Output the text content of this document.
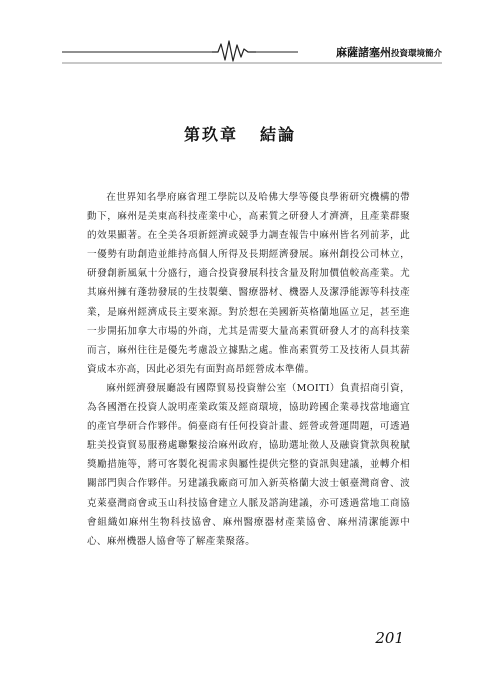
麻薩諸塞州投資環境簡介
第玖章 結論

在世界知名學府麻省理工學院以及哈佛大學等優良學術研究機構的帶動下，麻州是美東高科技產業中心，高素質之研發人才濟濟，且產業群聚的效果顯著。在全美各項新經濟或競爭力調查報告中麻州皆名列前茅，此一優勢有助創造並維持高個人所得及長期經濟發展。麻州創投公司林立，研發創新風氣十分盛行，適合投資發展科技含量及附加價值較高產業。尤其麻州擁有蓬勃發展的生技製藥、醫療器材、機器人及潔淨能源等科技產業，是麻州經濟成長主要來源。對於想在美國新英格蘭地區立足，甚至進一步開拓加拿大市場的外商，尤其是需要大量高素質研發人才的高科技業而言，麻州往往是優先考慮設立據點之處。惟高素質勞工及技術人員其薪資成本亦高，因此必須先有面對高昂經營成本準備。

麻州經濟發展廳設有國際貿易投資辦公室（MOITI）負責招商引資，為各國潛在投資人說明產業政策及經商環境，協助跨國企業尋找當地適宜的產官學研合作夥伴。倘臺商有任何投資計畫、經營或營運問題，可透過駐美投資貿易服務處聯繫接洽麻州政府，協助選址徵人及融資貸款與稅賦獎勵措施等，將可客製化視需求與屬性提供完整的資訊與建議，並轉介相關部門與合作夥伴。另建議我廠商可加入新英格蘭大波士頓臺灣商會、波克萊臺灣商會或玉山科技協會建立人脈及諮詢建議，亦可透過當地工商協會組織如麻州生物科技協會、麻州醫療器材產業協會、麻州清潔能源中心、麻州機器人協會等了解產業聚落。

201
